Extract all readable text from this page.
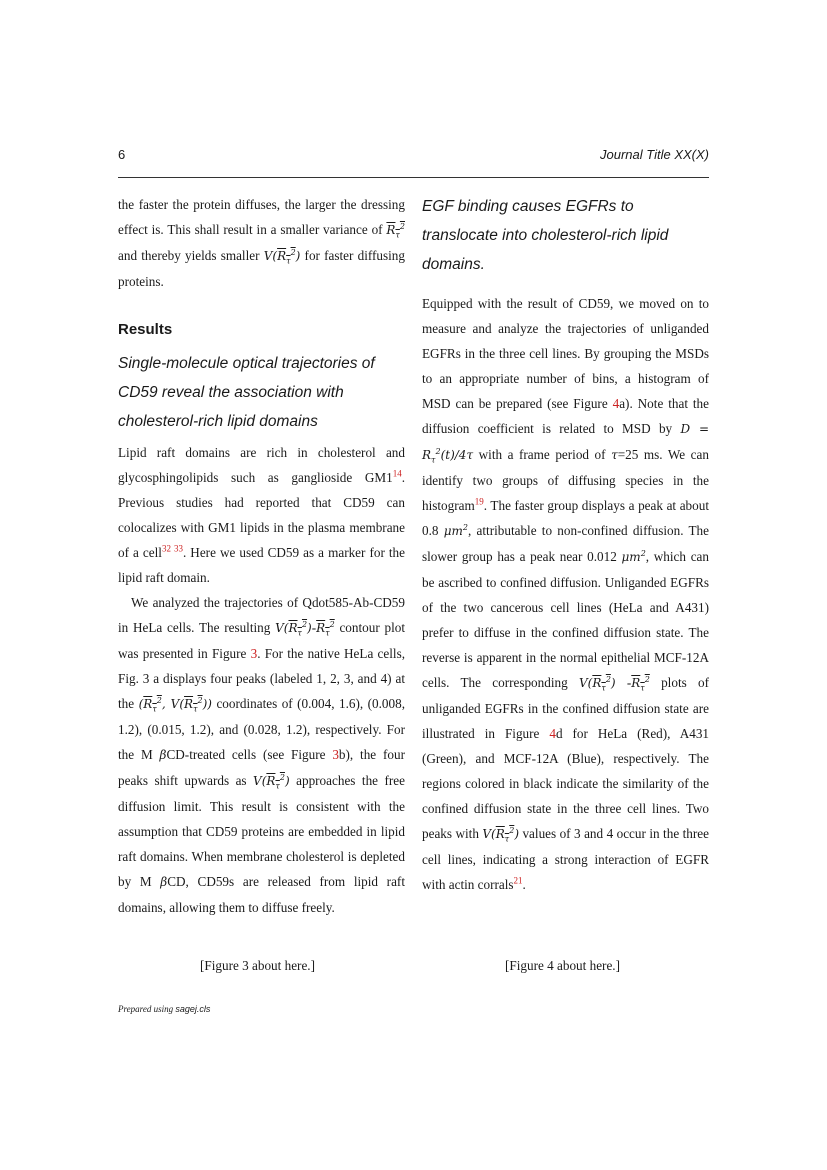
6	Journal Title XX(X)

the faster the protein diffuses, the larger the dressing effect is. This shall result in a smaller variance of $R_\tau^2$ and thereby yields smaller $V(R_\tau^2)$ for faster diffusing proteins.

Results
Single-molecule optical trajectories of CD59 reveal the association with cholesterol-rich lipid domains

Lipid raft domains are rich in cholesterol and glycosphingolipids such as ganglioside GM1$^{14}$. Previous studies had reported that CD59 can colocalizes with GM1 lipids in the plasma membrane of a cell$^{32 33}$. Here we used CD59 as a marker for the lipid raft domain.

We analyzed the trajectories of Qdot585-Ab-CD59 in HeLa cells. The resulting $V(R_\tau^2)-R_\tau^2$ contour plot was presented in Figure 3. For the native HeLa cells, Fig. 3 a displays four peaks (labeled 1, 2, 3, and 4) at the ($R_\tau^2$, $V(R_\tau^2)$) coordinates of (0.004, 1.6), (0.008, 1.2), (0.015, 1.2), and (0.028, 1.2), respectively. For the M βCD-treated cells (see Figure 3b), the four peaks shift upwards as $V(R_\tau^2)$ approaches the free diffusion limit. This result is consistent with the assumption that CD59 proteins are embedded in lipid raft domains. When membrane cholesterol is depleted by M βCD, CD59s are released from lipid raft domains, allowing them to diffuse freely.

EGF binding causes EGFRs to translocate into cholesterol-rich lipid domains.

Equipped with the result of CD59, we moved on to measure and analyze the trajectories of unliganded EGFRs in the three cell lines. By grouping the MSDs to an appropriate number of bins, a histogram of MSD can be prepared (see Figure 4a). Note that the diffusion coefficient is related to MSD by $D = R_\tau^2(t)/4\tau$ with a frame period of τ=25 ms. We can identify two groups of diffusing species in the histogram$^{19}$. The faster group displays a peak at about 0.8 $\mu m^2$, attributable to non-confined diffusion. The slower group has a peak near 0.012 $\mu m^2$, which can be ascribed to confined diffusion. Unliganded EGFRs of the two cancerous cell lines (HeLa and A431) prefer to diffuse in the confined diffusion state. The reverse is apparent in the normal epithelial MCF-12A cells. The corresponding $V(R_\tau^2)$ $-R_\tau^2$ plots of unliganded EGFRs in the confined diffusion state are illustrated in Figure 4d for HeLa (Red), A431 (Green), and MCF-12A (Blue), respectively. The regions colored in black indicate the similarity of the confined diffusion state in the three cell lines. Two peaks with $V(R_\tau^2)$ values of 3 and 4 occur in the three cell lines, indicating a strong interaction of EGFR with actin corrals$^{21}$.

[Figure 3 about here.]	[Figure 4 about here.]
Prepared using sagej.cls
